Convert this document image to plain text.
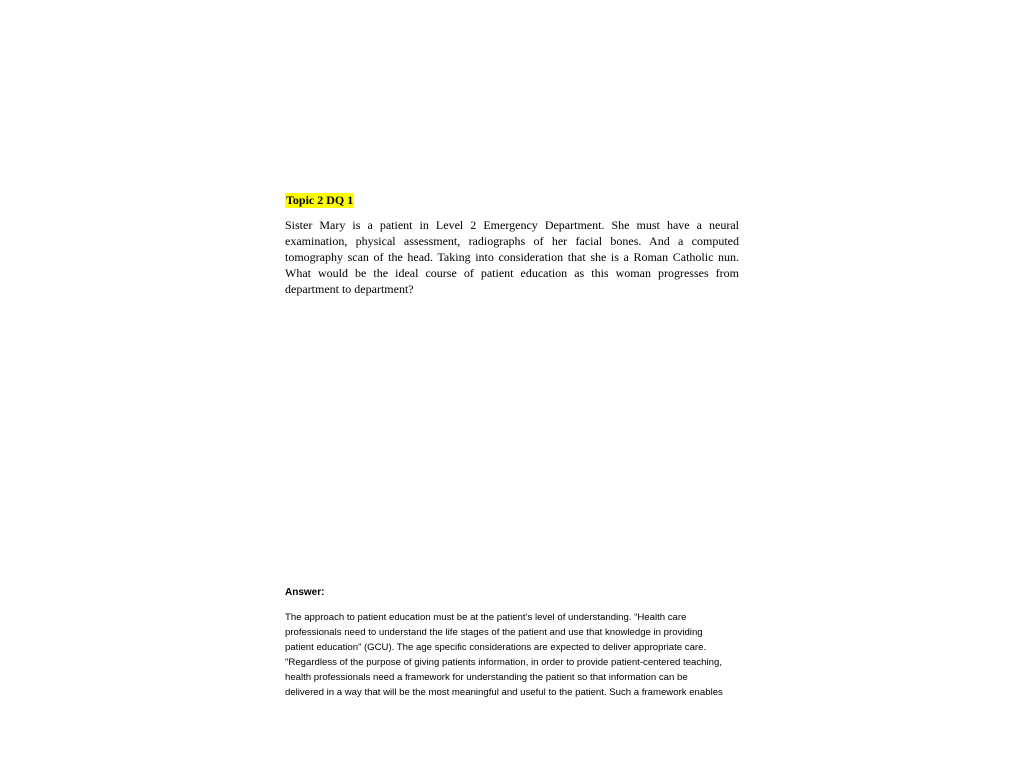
Topic 2 DQ 1

Sister Mary is a patient in Level 2 Emergency Department. She must have a neural examination, physical assessment, radiographs of her facial bones. And a computed tomography scan of the head. Taking into consideration that she is a Roman Catholic nun. What would be the ideal course of patient education as this woman progresses from department to department?

Answer:

The approach to patient education must be at the patient’s level of understanding. “Health care
professionals need to understand the life stages of the patient and use that knowledge in providing
patient education” (GCU). The age specific considerations are expected to deliver appropriate care.
"Regardless of the purpose of giving patients information, in order to provide patient-centered teaching,
health professionals need a framework for understanding the patient so that information can be
delivered in a way that will be the most meaningful and useful to the patient. Such a framework enables
